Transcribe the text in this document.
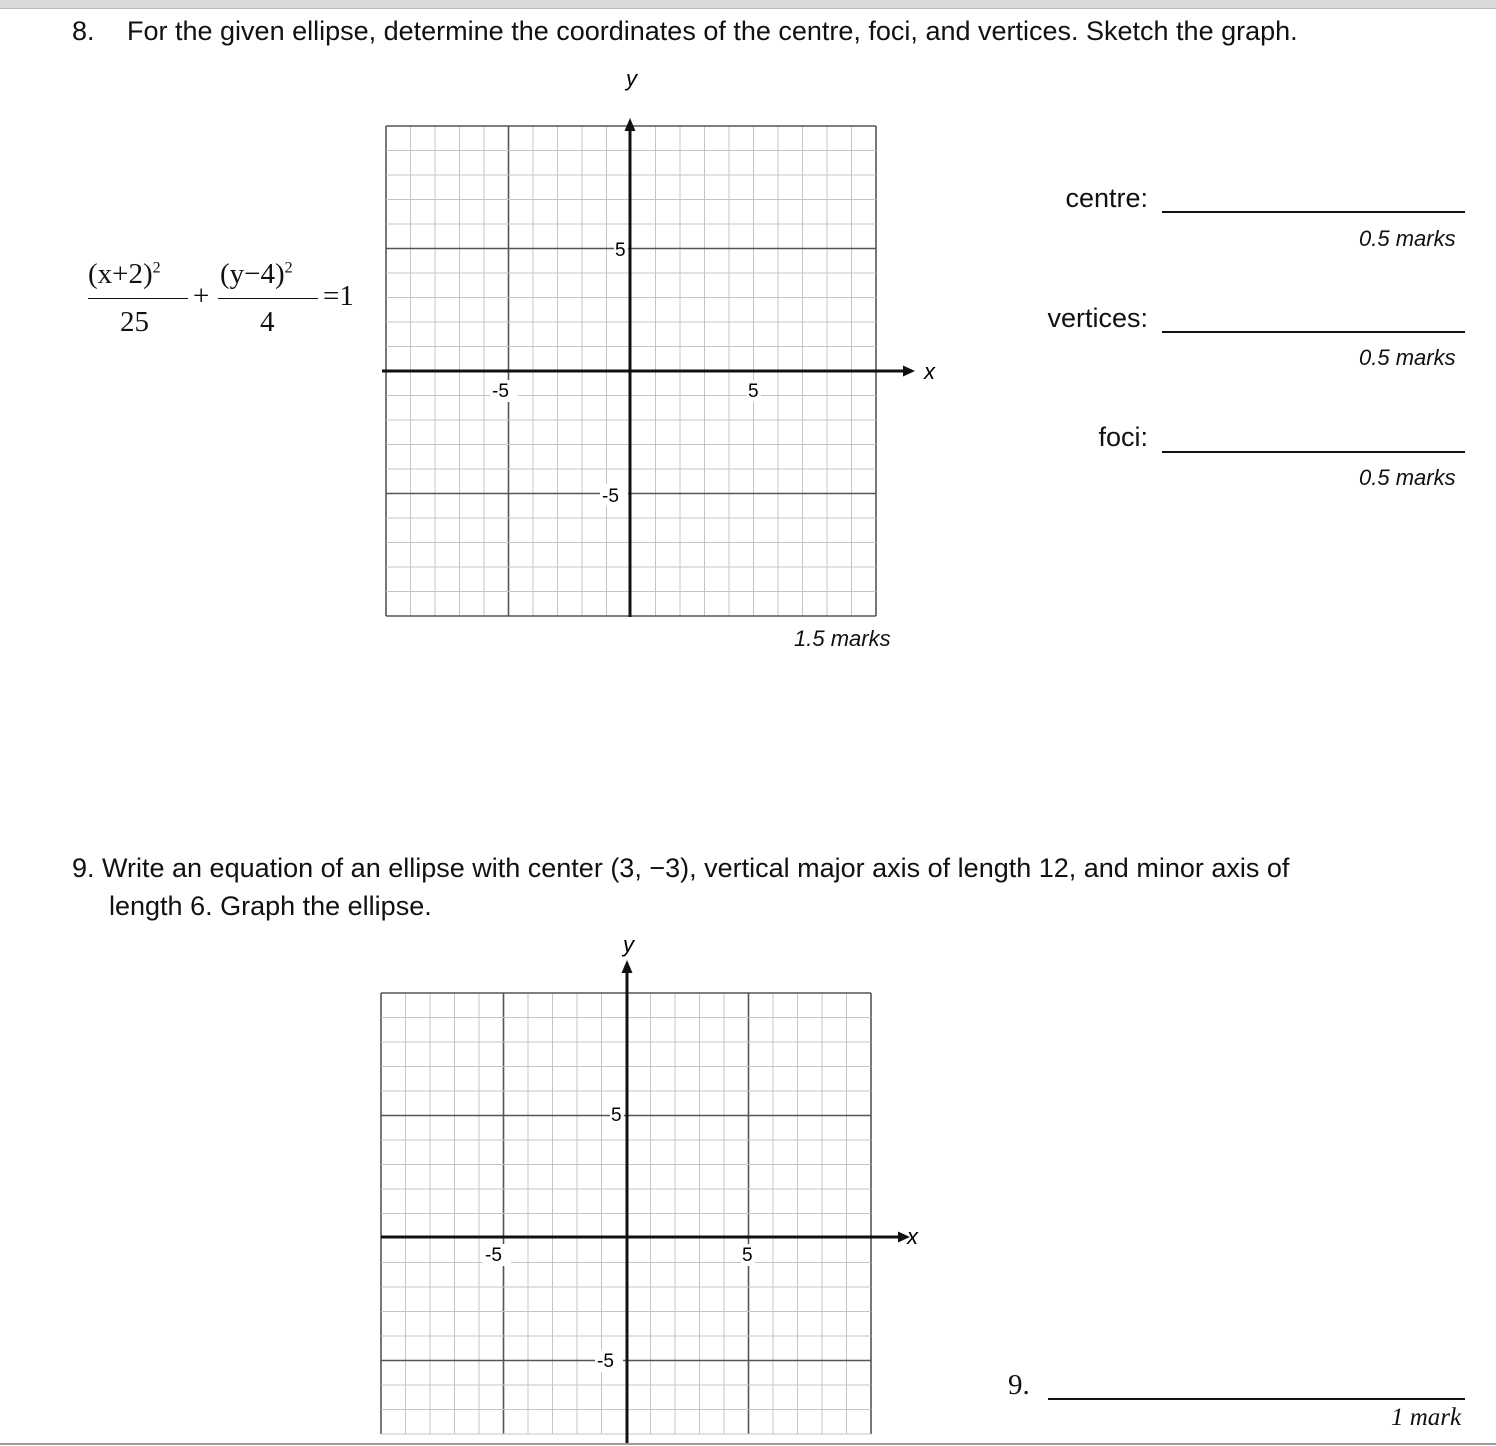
8. For the given ellipse, determine the coordinates of the centre, foci, and vertices. Sketch the graph.
$(x+2)^2$
25
+
$(y-4)^2$
4
=1
x
y
5
-5
-5	5
1.5 marks
centre:
0.5 marks
vertices:
0.5 marks
foci:
0.5 marks
9. Write an equation of an ellipse with center (3, −3), vertical major axis of length 12, and minor axis of
length 6. Graph the ellipse.
x
y
5
-5
-5	5
9.
1 mark
